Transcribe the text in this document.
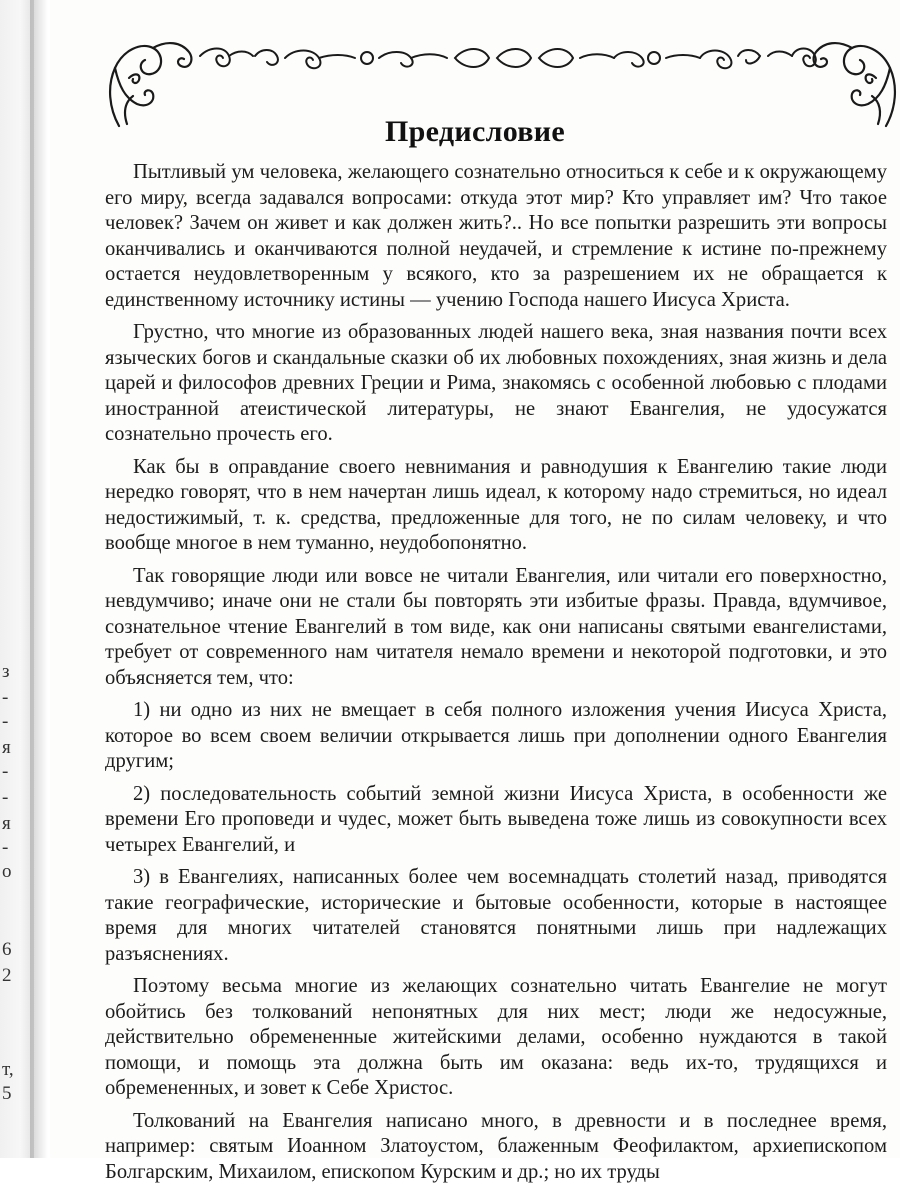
з
-
-
я
-
-
я
-
о
6
2
т,
5
Предисловие

Пытливый ум человека, желающего сознательно относиться к себе и к окружающему его миру, всегда задавался вопросами: откуда этот мир? Кто управляет им? Что такое человек? Зачем он живет и как должен жить?.. Но все попытки разрешить эти вопросы оканчивались и оканчиваются полной неудачей, и стремление к истине по-прежнему остается неудовлетворенным у всякого, кто за разрешением их не обращается к единственному источнику истины — учению Господа нашего Иисуса Христа.

Грустно, что многие из образованных людей нашего века, зная названия почти всех языческих богов и скандальные сказки об их любовных похождениях, зная жизнь и дела царей и философов древних Греции и Рима, знакомясь с особенной любовью с плодами иностранной атеистической литературы, не знают Евангелия, не удосужатся сознательно прочесть его.

Как бы в оправдание своего невнимания и равнодушия к Евангелию такие люди нередко говорят, что в нем начертан лишь идеал, к которому надо стремиться, но идеал недостижимый, т. к. средства, предложенные для того, не по силам человеку, и что вообще многое в нем туманно, неудобопонятно.

Так говорящие люди или вовсе не читали Евангелия, или читали его поверхностно, невдумчиво; иначе они не стали бы повторять эти избитые фразы. Правда, вдумчивое, сознательное чтение Евангелий в том виде, как они написаны святыми евангелистами, требует от современного нам читателя немало времени и некоторой подготовки, и это объясняется тем, что:

1) ни одно из них не вмещает в себя полного изложения учения Иисуса Христа, которое во всем своем величии открывается лишь при дополнении одного Евангелия другим;

2) последовательность событий земной жизни Иисуса Христа, в особенности же времени Его проповеди и чудес, может быть выведена тоже лишь из совокупности всех четырех Евангелий, и

3) в Евангелиях, написанных более чем восемнадцать столетий назад, приводятся такие географические, исторические и бытовые особенности, которые в настоящее время для многих читателей становятся понятными лишь при надлежащих разъяснениях.

Поэтому весьма многие из желающих сознательно читать Евангелие не могут обойтись без толкований непонятных для них мест; люди же недосужные, действительно обремененные житейскими делами, особенно нуждаются в такой помощи, и помощь эта должна быть им оказана: ведь их-то, трудящихся и обремененных, и зовет к Себе Христос.

Толкований на Евангелия написано много, в древности и в последнее время, например: святым Иоанном Златоустом, блаженным Феофилактом, архиепископом Болгарским, Михаилом, епископом Курским и др.; но их труды
